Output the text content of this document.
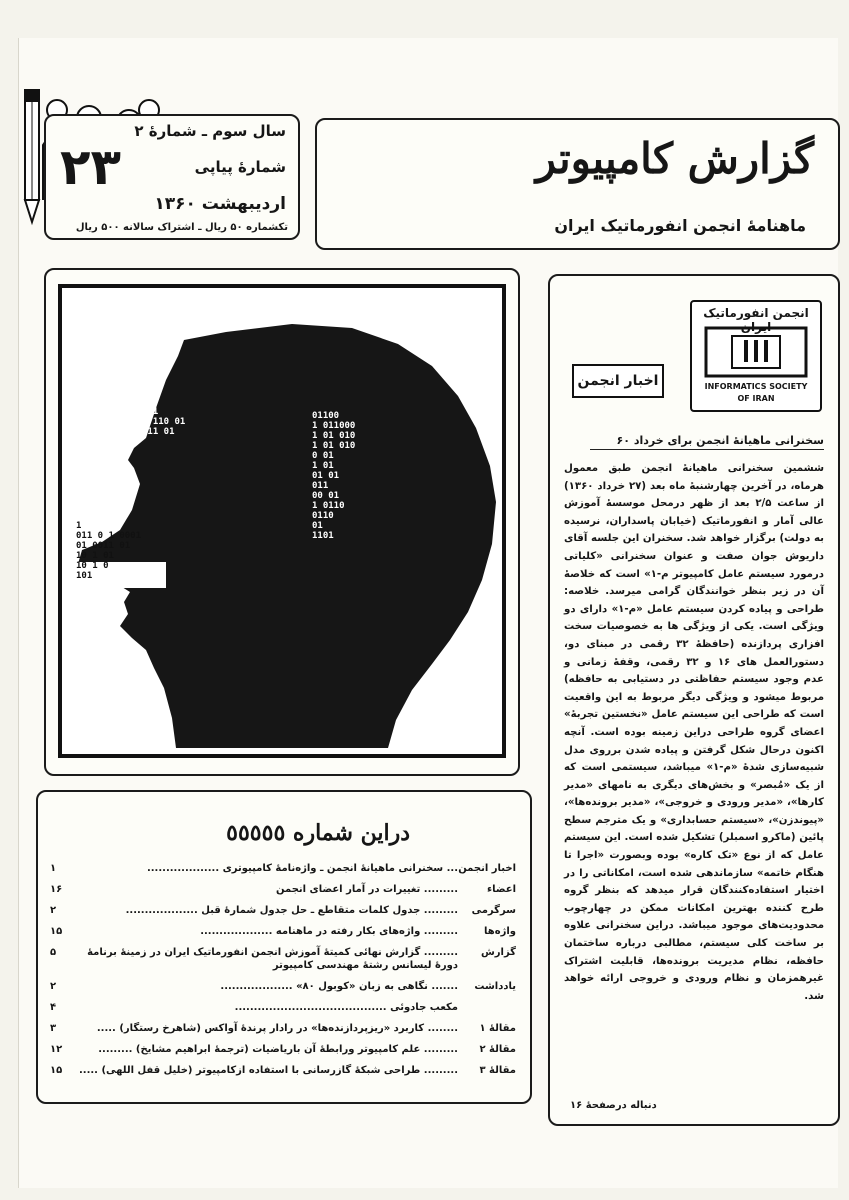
گزارش کامپیوتر
ماهنامهٔ انجمن انفورماتیک ایران
سال سوم ـ شمارهٔ ۲
شمارهٔ پیاپی
۲۳
اردیبهشت ۱۳۶۰
تکشماره ۵۰ ریال ـ اشتراک سالانه ۵۰۰ ریال
001
1 110 01
111 01
01100
1 011000
1 01 010
1 01 010
0 01
1 01
01 01
011
00 01
1 0110
0110
01
1101
1
011 0 1 0001
01 0011 01
10 1 01
10 1 0
101
انجمن انفورماتیک ایران
INFORMATICS SOCIETY
OF IRAN
اخبار انجمن
سخنرانی ماهیانهٔ انجمن برای خرداد ۶۰
ششمین سخنرانی ماهیانهٔ انجمن طبق معمول هرماه، در آخرین چهارشنبهٔ ماه بعد (۲۷ خرداد ۱۳۶۰) از ساعت ۲/۵ بعد از ظهر درمحل موسسهٔ آموزش عالی آمار و انفورماتیک (خیابان پاسداران، نرسیده به دولت) برگزار خواهد شد. سخنران این جلسه آقای داریوش جوان صفت و عنوان سخنرانی «کلیاتی درمورد سیستم عامل کامپیوتر م-۱» است که خلاصهٔ آن در زیر بنظر خوانندگان گرامی میرسد. خلاصه: طراحی و پیاده کردن سیستم عامل «م-۱» دارای دو ویژگی است. یکی از ویژگی ها به خصوصیات سخت افزاری پردازنده (حافظهٔ ۳۲ رقمی در مبنای دو، دستورالعمل های ۱۶ و ۳۲ رقمی، وقفهٔ زمانی و عدم وجود سیستم حفاظتی در دستیابی به حافظه) مربوط میشود و ویژگی دیگر مربوط به این واقعیت است که طراحی این سیستم عامل «نخستین تجربهٔ» اعضای گروه طراحی دراین زمینه بوده است. آنچه اکنون درحال شکل گرفتن و پیاده شدن برروی مدل شبیه‌سازی شدهٔ «م-۱» میباشد، سیستمی است که از یک «مُبصر» و بخش‌های دیگری به نامهای «مدیر کارها»، «مدیر ورودی و خروجی»، «مدیر برونده‌ها»، «پیوندزن»، «سیستم حسابداری» و یک مترجم سطح پائین (ماکرو اسمبلر) تشکیل شده است. این سیستم عامل که از نوع «تک کاره» بوده وبصورت «اجرا تا هنگام خاتمه» سازماندهی شده است، امکاناتی را در اختیار استفاده‌کنندگان قرار میدهد که بنظر گروه طرح کننده بهترین امکانات ممکن در چهارچوب محدودیت‌های موجود میباشد. دراین سخنرانی علاوه بر ساخت کلی سیستم، مطالبی درباره ساختمان حافظه، نظام مدیریت برونده‌ها، قابلیت اشتراک غیرهمزمان و نظام ورودی و خروجی ارائه خواهد شد.
دنباله درصفحهٔ ۱۶
دراین شماره ٥٥٥٥٥
اخبار انجمن
... سخنرانی ماهیانهٔ انجمن ـ واژه‌نامهٔ کامپیوتری ...................
۱
اعضاء
......... تغییرات در آمار اعضای انجمن
۱۶
سرگرمی
......... جدول کلمات متقاطع ـ حل جدول شمارهٔ قبل ...................
۲
واژه‌ها
......... واژه‌های بکار رفته در ماهنامه ...................
۱۵
گزارش
......... گزارش نهائی کمیتهٔ آموزش انجمن انفورماتیک ایران در زمینهٔ برنامهٔ دورهٔ لیسانس رشتهٔ مهندسی کامپیوتر
۵
یادداشت
....... نگاهی به زبان «کوبول ۸۰» ...................
۲
مکعب جادوئی ........................................
۴
مقالهٔ ۱
........ کاربرد «ریزپردازنده‌ها» در رادار پرندهٔ آواکس (شاهرخ رستگار) .....
۳
مقالهٔ ۲
......... علم کامپیوتر ورابطهٔ آن باریاضیات (ترجمهٔ ابراهیم مشایخ) .........
۱۲
مقالهٔ ۳
......... طراحی شبکهٔ گازرسانی با استفاده ازکامپیوتر (خلیل قفل اللهی) .....
۱۵
